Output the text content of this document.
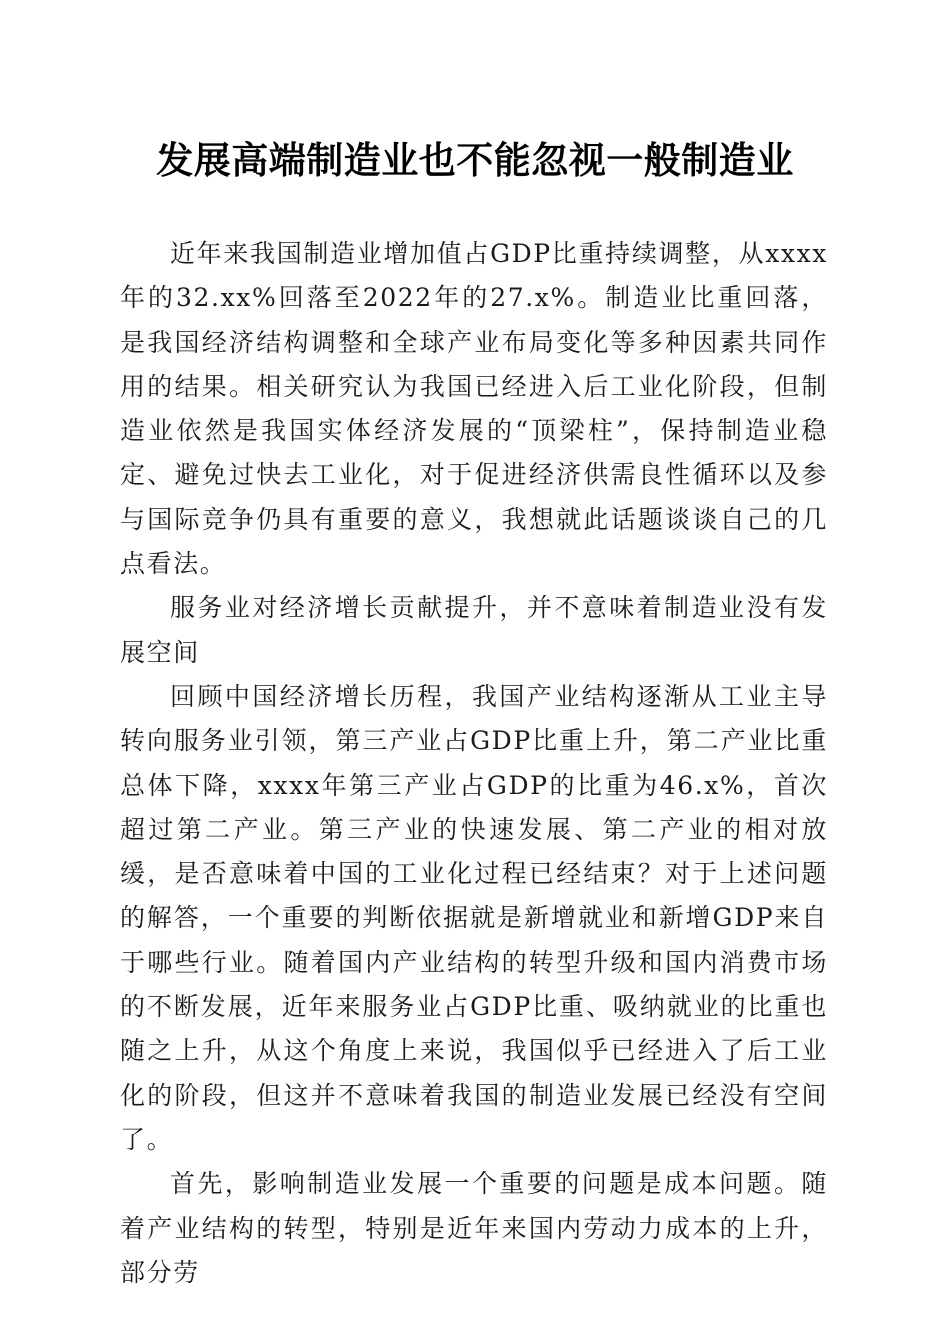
发展高端制造业也不能忽视一般制造业

近年来我国制造业增加值占GDP比重持续调整，从xxxx年的32.xx%回落至2022年的27.x%。制造业比重回落，是我国经济结构调整和全球产业布局变化等多种因素共同作用的结果。相关研究认为我国已经进入后工业化阶段，但制造业依然是我国实体经济发展的“顶梁柱”，保持制造业稳定、避免过快去工业化，对于促进经济供需良性循环以及参与国际竞争仍具有重要的意义，我想就此话题谈谈自己的几点看法。

服务业对经济增长贡献提升，并不意味着制造业没有发展空间

回顾中国经济增长历程，我国产业结构逐渐从工业主导转向服务业引领，第三产业占GDP比重上升，第二产业比重总体下降，xxxx年第三产业占GDP的比重为46.x%，首次超过第二产业。第三产业的快速发展、第二产业的相对放缓，是否意味着中国的工业化过程已经结束？对于上述问题的解答，一个重要的判断依据就是新增就业和新增GDP来自于哪些行业。随着国内产业结构的转型升级和国内消费市场的不断发展，近年来服务业占GDP比重、吸纳就业的比重也随之上升，从这个角度上来说，我国似乎已经进入了后工业化的阶段，但这并不意味着我国的制造业发展已经没有空间了。

首先，影响制造业发展一个重要的问题是成本问题。随着产业结构的转型，特别是近年来国内劳动力成本的上升，部分劳
